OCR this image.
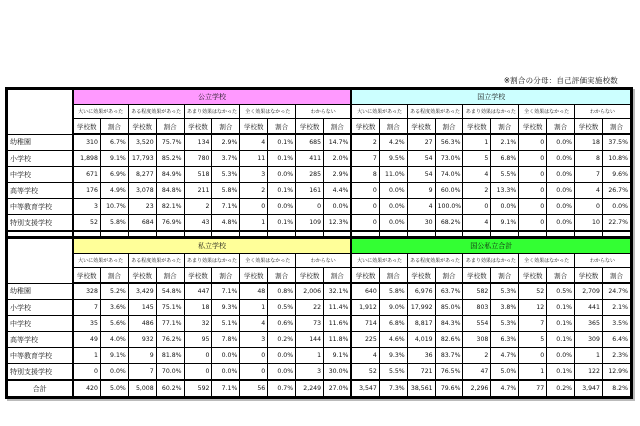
※割合の分母：自己評価実施校数
	公立学校										国立学校									
	大いに効果があった		ある程度効果があった		あまり効果はなかった		全く効果はなかった		わからない		大いに効果があった		ある程度効果があった		あまり効果はなかった		全く効果はなかった		わからない	
	学校数	割合	学校数	割合	学校数	割合	学校数	割合	学校数	割合	学校数	割合	学校数	割合	学校数	割合	学校数	割合	学校数	割合
幼稚園	310	6.7%	3,520	75.7%	134	2.9%	4	0.1%	685	14.7%	2	4.2%	27	56.3%	1	2.1%	0	0.0%	18	37.5%
小学校	1,898	9.1%	17,793	85.2%	780	3.7%	11	0.1%	411	2.0%	7	9.5%	54	73.0%	5	6.8%	0	0.0%	8	10.8%
中学校	671	6.9%	8,277	84.9%	518	5.3%	3	0.0%	285	2.9%	8	11.0%	54	74.0%	4	5.5%	0	0.0%	7	9.6%
高等学校	176	4.9%	3,078	84.8%	211	5.8%	2	0.1%	161	4.4%	0	0.0%	9	60.0%	2	13.3%	0	0.0%	4	26.7%
中等教育学校	3	10.7%	23	82.1%	2	7.1%	0	0.0%	0	0.0%	0	0.0%	4	100.0%	0	0.0%	0	0.0%	0	0.0%
特別支援学校	52	5.8%	684	76.9%	43	4.8%	1	0.1%	109	12.3%	0	0.0%	30	68.2%	4	9.1%	0	0.0%	10	22.7%

	私立学校										国公私立合計									
	大いに効果があった		ある程度効果があった		あまり効果はなかった		全く効果はなかった		わからない		大いに効果があった		ある程度効果があった		あまり効果はなかった		全く効果はなかった		わからない	
	学校数	割合	学校数	割合	学校数	割合	学校数	割合	学校数	割合	学校数	割合	学校数	割合	学校数	割合	学校数	割合	学校数	割合
幼稚園	328	5.2%	3,429	54.8%	447	7.1%	48	0.8%	2,006	32.1%	640	5.8%	6,976	63.7%	582	5.3%	52	0.5%	2,709	24.7%
小学校	7	3.6%	145	75.1%	18	9.3%	1	0.5%	22	11.4%	1,912	9.0%	17,992	85.0%	803	3.8%	12	0.1%	441	2.1%
中学校	35	5.6%	486	77.1%	32	5.1%	4	0.6%	73	11.6%	714	6.8%	8,817	84.3%	554	5.3%	7	0.1%	365	3.5%
高等学校	49	4.0%	932	76.2%	95	7.8%	3	0.2%	144	11.8%	225	4.6%	4,019	82.6%	308	6.3%	5	0.1%	309	6.4%
中等教育学校	1	9.1%	9	81.8%	0	0.0%	0	0.0%	1	9.1%	4	9.3%	36	83.7%	2	4.7%	0	0.0%	1	2.3%
特別支援学校	0	0.0%	7	70.0%	0	0.0%	0	0.0%	3	30.0%	52	5.5%	721	76.5%	47	5.0%	1	0.1%	122	12.9%
合計	420	5.0%	5,008	60.2%	592	7.1%	56	0.7%	2,249	27.0%	3,547	7.3%	38,561	79.6%	2,296	4.7%	77	0.2%	3,947	8.2%
